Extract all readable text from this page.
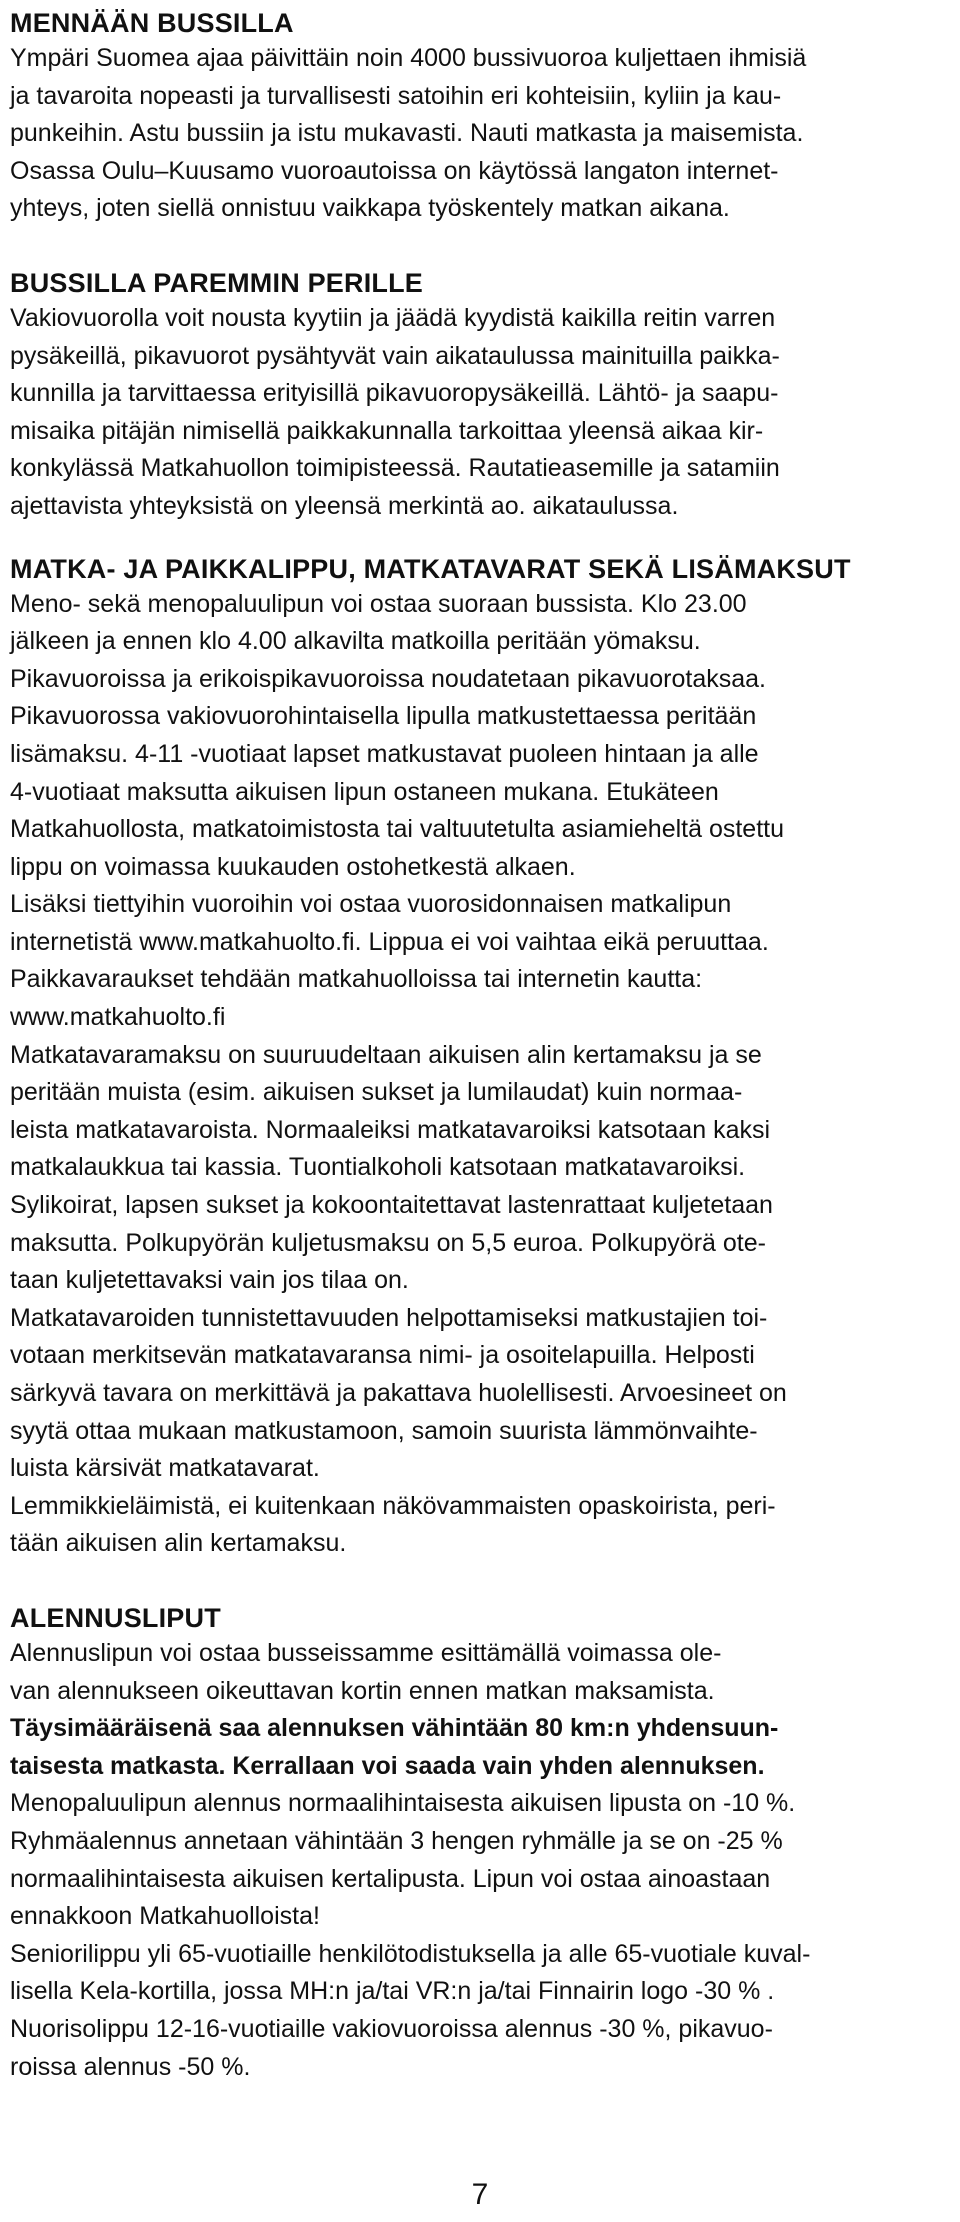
MENNÄÄN BUSSILLA

Ympäri Suomea ajaa päivittäin noin 4000 bussivuoroa kuljettaen ihmisiä

ja tavaroita nopeasti ja turvallisesti satoihin eri kohteisiin, kyliin ja kau-

punkeihin. Astu bussiin ja istu mukavasti. Nauti matkasta ja maisemista.

Osassa Oulu–Kuusamo vuoroautoissa on käytössä langaton internet-

yhteys, joten siellä onnistuu vaikkapa työskentely matkan aikana.

BUSSILLA PAREMMIN PERILLE

Vakiovuorolla voit nousta kyytiin ja jäädä kyydistä kaikilla reitin varren

pysäkeillä, pikavuorot pysähtyvät vain aikataulussa mainituilla paikka-

kunnilla ja tarvittaessa erityisillä pikavuoropysäkeillä. Lähtö- ja saapu-

misaika pitäjän nimisellä paikkakunnalla tarkoittaa yleensä aikaa kir-

konkylässä Matkahuollon toimipisteessä. Rautatieasemille ja satamiin

ajettavista yhteyksistä on yleensä merkintä ao. aikataulussa.

MATKA- JA PAIKKALIPPU, MATKATAVARAT SEKÄ LISÄMAKSUT

Meno- sekä menopaluulipun voi ostaa suoraan bussista. Klo 23.00

jälkeen ja ennen klo 4.00 alkavilta matkoilla peritään yömaksu.

Pikavuoroissa ja erikoispikavuoroissa noudatetaan pikavuorotaksaa.

Pikavuorossa vakiovuorohintaisella lipulla matkustettaessa peritään

lisämaksu. 4-11 -vuotiaat lapset matkustavat puoleen hintaan ja alle

4-vuotiaat maksutta aikuisen lipun ostaneen mukana. Etukäteen

Matkahuollosta, matkatoimistosta tai valtuutetulta asiamieheltä ostettu

lippu on voimassa kuukauden ostohetkestä alkaen.

Lisäksi tiettyihin vuoroihin voi ostaa vuorosidonnaisen matkalipun

internetistä www.matkahuolto.fi. Lippua ei voi vaihtaa eikä peruuttaa.

Paikkavaraukset tehdään matkahuolloissa tai internetin kautta:

www.matkahuolto.fi

Matkatavaramaksu on suuruudeltaan aikuisen alin kertamaksu ja se

peritään muista (esim. aikuisen sukset ja lumilaudat) kuin normaa-

leista matkatavaroista. Normaaleiksi matkatavaroiksi katsotaan kaksi

matkalaukkua tai kassia. Tuontialkoholi katsotaan matkatavaroiksi.

Sylikoirat, lapsen sukset ja kokoontaitettavat lastenrattaat kuljetetaan

maksutta. Polkupyörän kuljetusmaksu on 5,5 euroa. Polkupyörä ote-

taan kuljetettavaksi vain jos tilaa on.

Matkatavaroiden tunnistettavuuden helpottamiseksi matkustajien toi-

votaan merkitsevän matkatavaransa nimi- ja osoitelapuilla. Helposti

särkyvä tavara on merkittävä ja pakattava huolellisesti. Arvoesineet on

syytä ottaa mukaan matkustamoon, samoin suurista lämmönvaihte-

luista kärsivät matkatavarat.

Lemmikkieläimistä, ei kuitenkaan näkövammaisten opaskoirista, peri-

tään aikuisen alin kertamaksu.

ALENNUSLIPUT

Alennuslipun voi ostaa busseissamme esittämällä voimassa ole-

van alennukseen oikeuttavan kortin ennen matkan maksamista.

Täysimääräisenä saa alennuksen vähintään 80 km:n yhdensuun-

taisesta matkasta. Kerrallaan voi saada vain yhden alennuksen.

Menopaluulipun alennus normaalihintaisesta aikuisen lipusta on -10 %.

Ryhmäalennus annetaan vähintään 3 hengen ryhmälle ja se on -25 %

normaalihintaisesta aikuisen kertalipusta. Lipun voi ostaa ainoastaan

ennakkoon Matkahuolloista!

Seniorilippu yli 65-vuotiaille henkilötodistuksella ja alle 65-vuotiale kuval-

lisella Kela-kortilla, jossa MH:n ja/tai VR:n ja/tai Finnairin logo -30 % .

Nuorisolippu 12-16-vuotiaille vakiovuoroissa alennus -30 %, pikavuo-

roissa alennus -50 %.

7
